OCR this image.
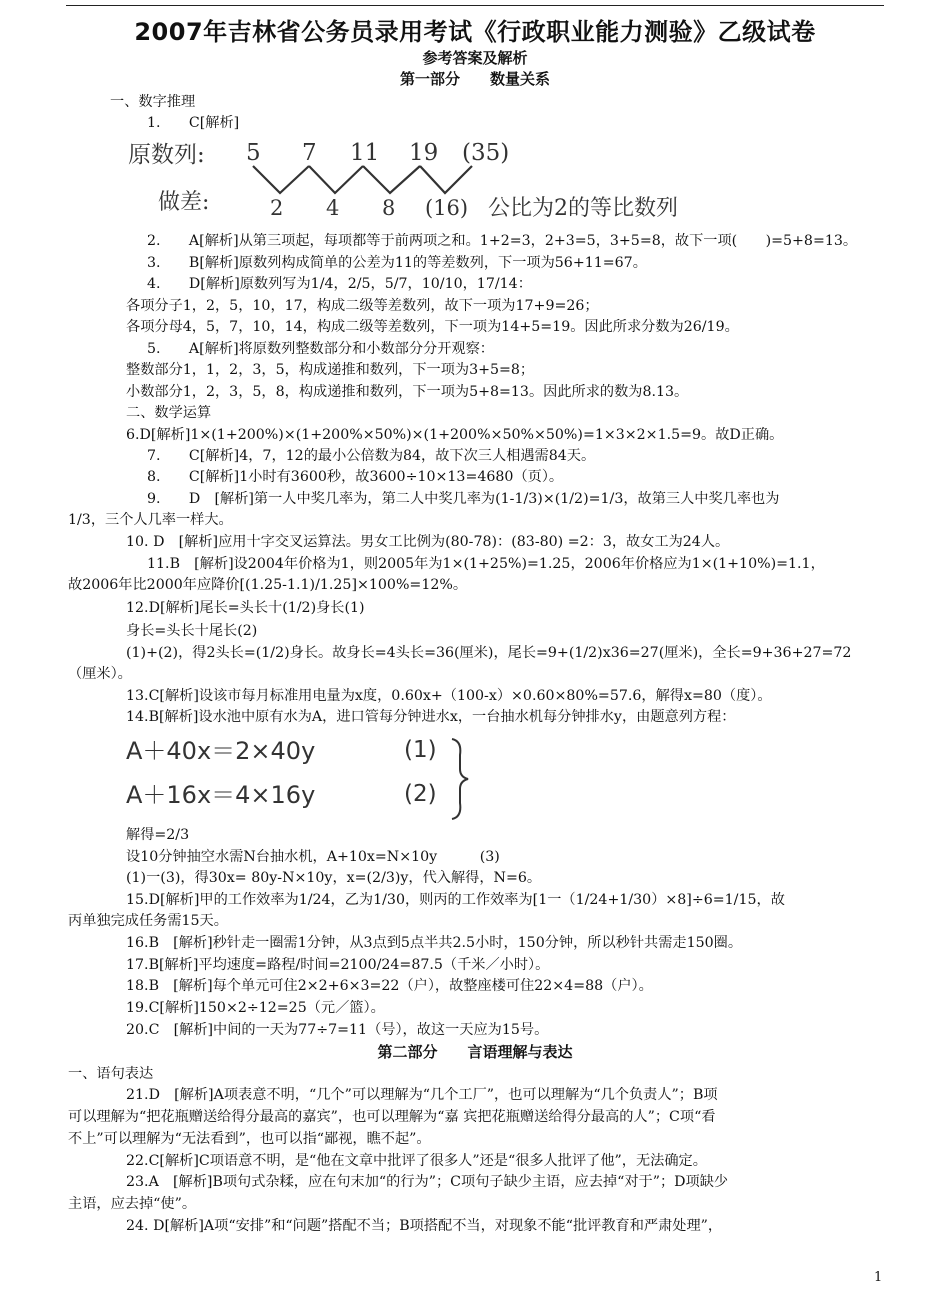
2007年吉林省公务员录用考试《行政职业能力测验》乙级试卷
参考答案及解析
第一部分　　数量关系
原数列: 5 7 11 19 (35)
做差:	2 4 8 (16) 公比为2的等比数列
A＋40x＝2×40y	(1)
A＋16x＝4×16y	(2)
一、数字推理
1.　　C[解析]
2.　　A[解析]从第三项起，每项都等于前两项之和。1+2=3，2+3=5，3+5=8，故下一项(　　)=5+8=13。
3.　　B[解析]原数列构成简单的公差为11的等差数列，下一项为56+11=67。
4.　　D[解析]原数列写为1/4，2/5，5/7，10/10，17/14：
各项分子1，2，5，10，17，构成二级等差数列，故下一项为17+9=26；
各项分母4，5，7，10，14，构成二级等差数列，下一项为14+5=19。因此所求分数为26/19。
5.　　A[解析]将原数列整数部分和小数部分分开观察：
整数部分1，1，2，3，5，构成递推和数列，下一项为3+5=8；
小数部分1，2，3，5，8，构成递推和数列，下一项为5+8=13。因此所求的数为8.13。
二、数学运算
6.D[解析]1×(1+200%)×(1+200%×50%)×(1+200%×50%×50%)=1×3×2×1.5=9。故D正确。
7.　　C[解析]4，7，12的最小公倍数为84，故下次三人相遇需84天。
8.　　C[解析]1小时有3600秒，故3600÷10×13=4680（页）。
9.　　D　[解析]第一人中奖几率为，第二人中奖几率为(1-1/3)×(1/2)=1/3，故第三人中奖几率也为
1/3，三个人几率一样大。
10. D　[解析]应用十字交叉运算法。男女工比例为(80-78)：(83-80) =2：3，故女工为24人。
11.B　[解析]设2004年价格为1，则2005年为1×(1+25%)=1.25，2006年价格应为1×(1+10%)=1.1，
故2006年比2000年应降价[(1.25-1.1)/1.25]×100%=12%。
12.D[解析]尾长=头长十(1/2)身长(1)
身长=头长十尾长(2)
(1)+(2)，得2头长=(1/2)身长。故身长=4头长=36(厘米)，尾长=9+(1/2)x36=27(厘米)，全长=9+36+27=72
（厘米）。
13.C[解析]设该市每月标准用电量为x度，0.60x+（100-x）×0.60×80%=57.6，解得x=80（度）。
14.B[解析]设水池中原有水为A，进口管每分钟进水x，一台抽水机每分钟排水y，由题意列方程：
解得=2/3
设10分钟抽空水需N台抽水机，A+10x=N×10y　　　(3)
(1)一(3)，得30x= 80y-N×10y，x=(2/3)y，代入解得，N=6。
15.D[解析]甲的工作效率为1/24，乙为1/30，则丙的工作效率为[1一（1/24+1/30）×8]÷6=1/15，故
丙单独完成任务需15天。
16.B　[解析]秒针走一圈需1分钟，从3点到5点半共2.5小时，150分钟，所以秒针共需走150圈。
17.B[解析]平均速度=路程/时间=2100/24=87.5（千米／小时）。
18.B　[解析]每个单元可住2×2+6×3=22（户），故整座楼可住22×4=88（户）。
19.C[解析]150×2÷12=25（元／篮）。
20.C　[解析]中间的一天为77÷7=11（号），故这一天应为15号。
一、语句表达
21.D　[解析]A项表意不明，“几个”可以理解为“几个工厂”，也可以理解为“几个负责人”；B项
可以理解为“把花瓶赠送给得分最高的嘉宾”，也可以理解为“嘉 宾把花瓶赠送给得分最高的人”；C项“看
不上”可以理解为“无法看到”，也可以指“鄙视，瞧不起”。
22.C[解析]C项语意不明，是“他在文章中批评了很多人”还是“很多人批评了他”，无法确定。
23.A　[解析]B项句式杂糅，应在句末加“的行为”；C项句子缺少主语，应去掉“对于”；D项缺少
主语，应去掉“使”。
24. D[解析]A项“安排”和“问题”搭配不当；B项搭配不当，对现象不能“批评教育和严肃处理”，
第二部分　　言语理解与表达
1
